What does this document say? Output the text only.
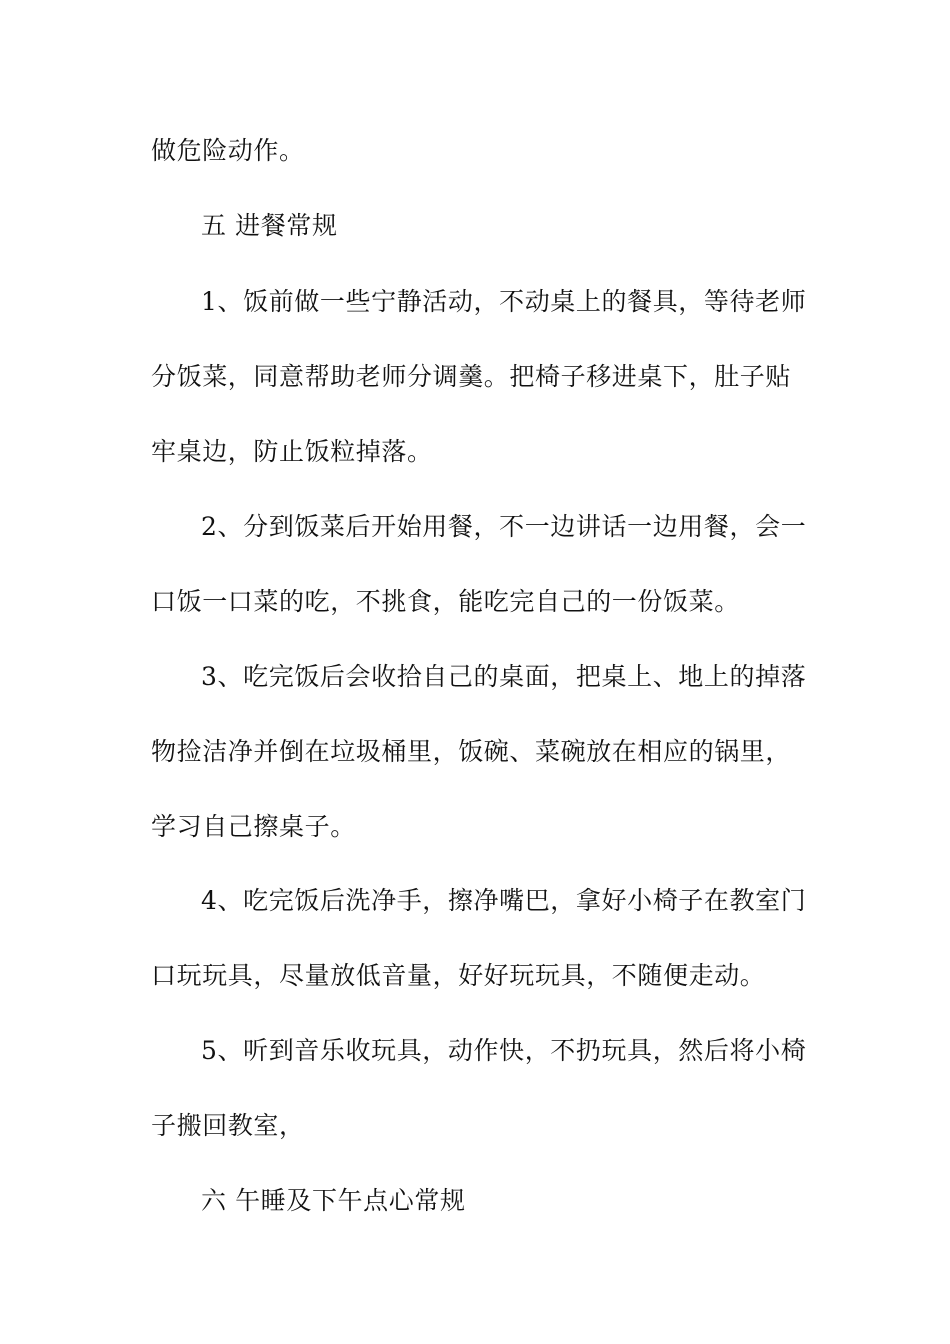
做危险动作。

五 进餐常规

1、饭前做一些宁静活动，不动桌上的餐具，等待老师

分饭菜，同意帮助老师分调羹。把椅子移进桌下，肚子贴

牢桌边，防止饭粒掉落。

2、分到饭菜后开始用餐，不一边讲话一边用餐，会一

口饭一口菜的吃，不挑食，能吃完自己的一份饭菜。

3、吃完饭后会收拾自己的桌面，把桌上、地上的掉落

物捡洁净并倒在垃圾桶里，饭碗、菜碗放在相应的锅里，

学习自己擦桌子。

4、吃完饭后洗净手，擦净嘴巴，拿好小椅子在教室门

口玩玩具，尽量放低音量，好好玩玩具，不随便走动。

5、听到音乐收玩具，动作快，不扔玩具，然后将小椅

子搬回教室，

六 午睡及下午点心常规
